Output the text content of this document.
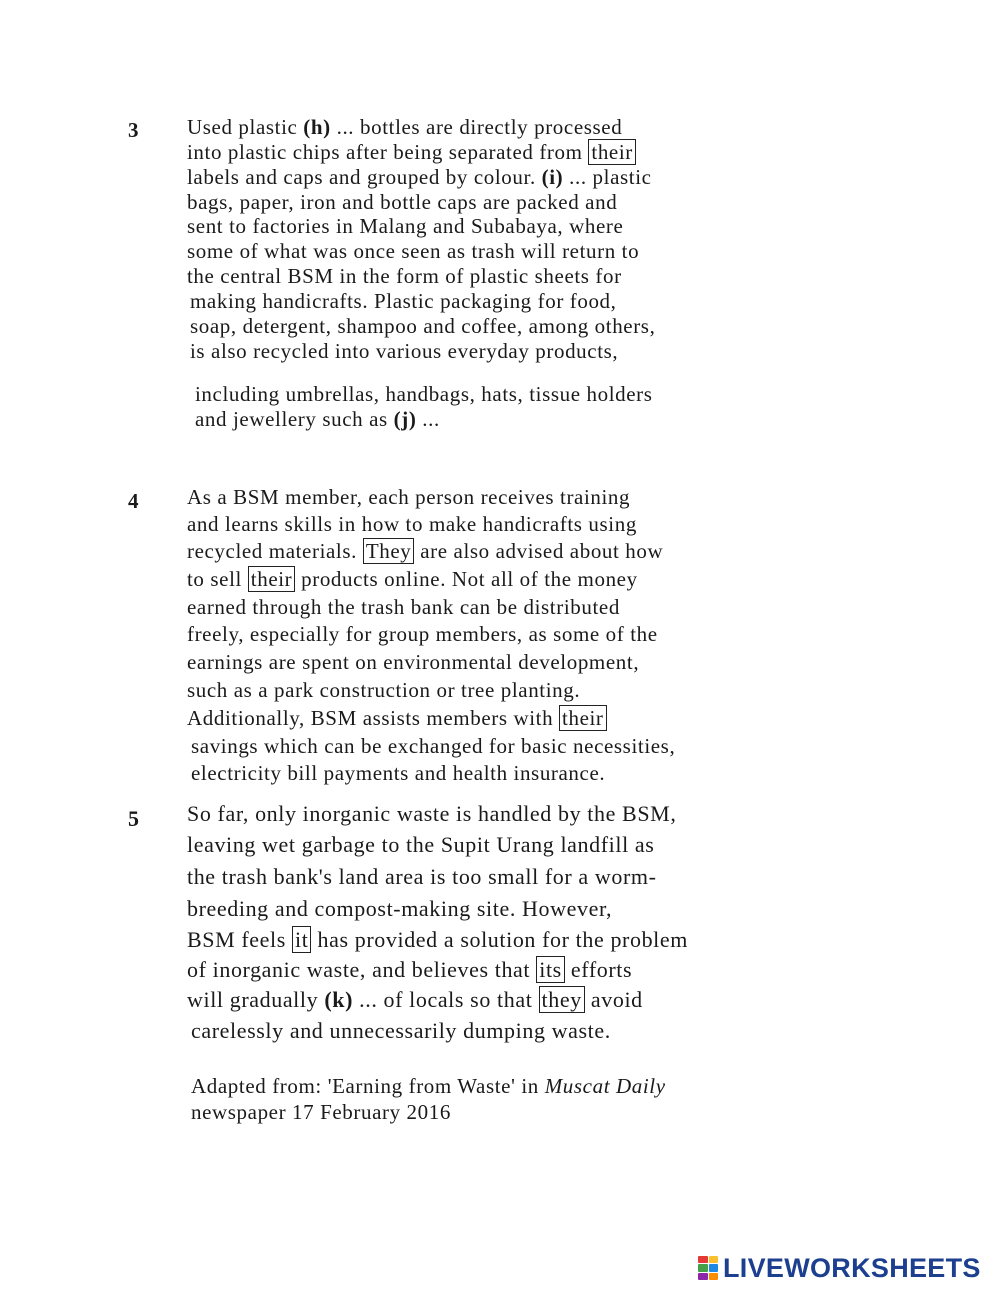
3 Used plastic (h) ... bottles are directly processed
into plastic chips after being separated from their
labels and caps and grouped by colour. (i) ... plastic
bags, paper, iron and bottle caps are packed and
sent to factories in Malang and Subabaya, where
some of what was once seen as trash will return to
the central BSM in the form of plastic sheets for
making handicrafts. Plastic packaging for food,
soap, detergent, shampoo and coffee, among others,
is also recycled into various everyday products,
including umbrellas, handbags, hats, tissue holders
and jewellery such as (j) ...
4 As a BSM member, each person receives training
and learns skills in how to make handicrafts using
recycled materials. They are also advised about how
to sell their products online. Not all of the money
earned through the trash bank can be distributed
freely, especially for group members, as some of the
earnings are spent on environmental development,
such as a park construction or tree planting.
Additionally, BSM assists members with their
savings which can be exchanged for basic necessities,
electricity bill payments and health insurance.
5 So far, only inorganic waste is handled by the BSM,
leaving wet garbage to the Supit Urang landfill as
the trash bank's land area is too small for a worm-
breeding and compost-making site. However,
BSM feels it has provided a solution for the problem
of inorganic waste, and believes that its efforts
will gradually (k) ... of locals so that they avoid
carelessly and unnecessarily dumping waste.
Adapted from: 'Earning from Waste' in Muscat Daily
newspaper 17 February 2016
LIVEWORKSHEETS
